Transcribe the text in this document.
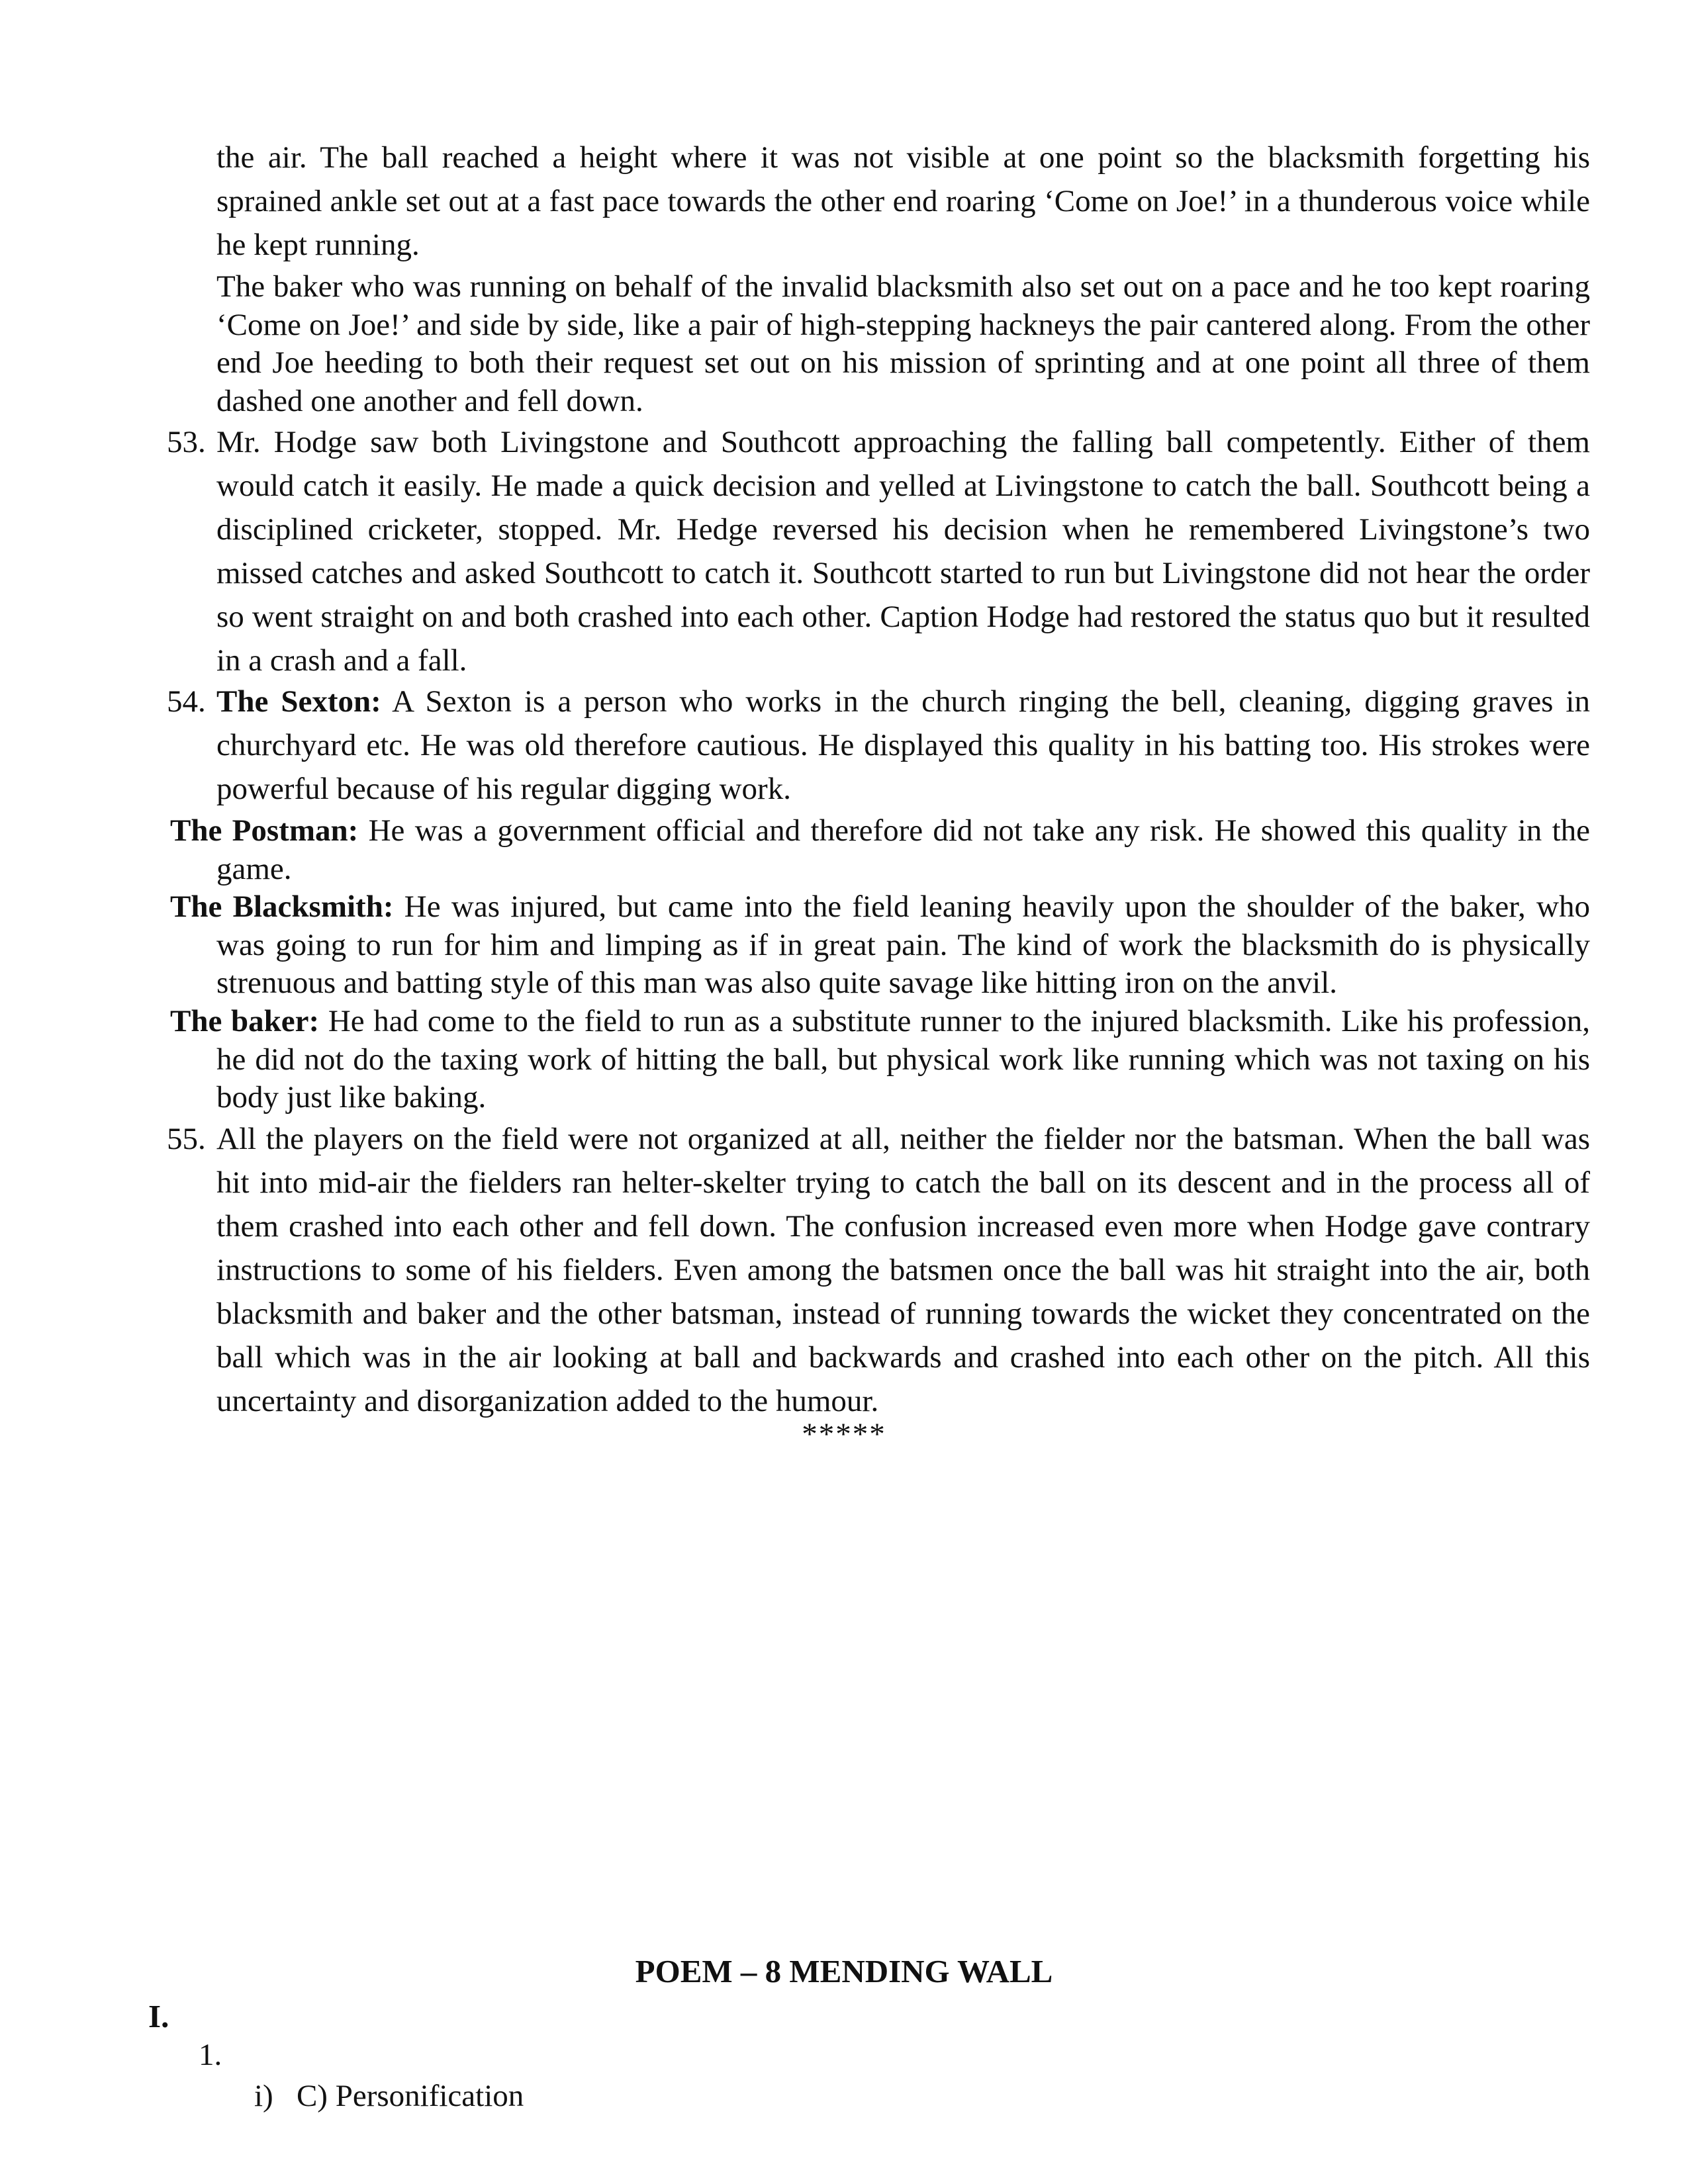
the air. The ball reached a height where it was not visible at one point so the blacksmith forgetting his sprained ankle set out at a fast pace towards the other end roaring ‘Come on Joe!’ in a thunderous voice while he kept running.
The baker who was running on behalf of the invalid blacksmith also set out on a pace and he too kept roaring ‘Come on Joe!’ and side by side, like a pair of high-stepping hackneys the pair cantered along. From the other end Joe heeding to both their request set out on his mission of sprinting and at one point all three of them dashed one another and fell down.
53. Mr. Hodge saw both Livingstone and Southcott approaching the falling ball competently. Either of them would catch it easily. He made a quick decision and yelled at Livingstone to catch the ball. Southcott being a disciplined cricketer, stopped. Mr. Hedge reversed his decision when he remembered Livingstone’s two missed catches and asked Southcott to catch it. Southcott started to run but Livingstone did not hear the order so went straight on and both crashed into each other. Caption Hodge had restored the status quo but it resulted in a crash and a fall.
54. The Sexton: A Sexton is a person who works in the church ringing the bell, cleaning, digging graves in churchyard etc. He was old therefore cautious. He displayed this quality in his batting too. His strokes were powerful because of his regular digging work.
The Postman: He was a government official and therefore did not take any risk. He showed this quality in the game.
The Blacksmith: He was injured, but came into the field leaning heavily upon the shoulder of the baker, who was going to run for him and limping as if in great pain. The kind of work the blacksmith do is physically strenuous and batting style of this man was also quite savage like hitting iron on the anvil.
The baker: He had come to the field to run as a substitute runner to the injured blacksmith. Like his profession, he did not do the taxing work of hitting the ball, but physical work like running which was not taxing on his body just like baking.
55. All the players on the field were not organized at all, neither the fielder nor the batsman. When the ball was hit into mid-air the fielders ran helter-skelter trying to catch the ball on its descent and in the process all of them crashed into each other and fell down. The confusion increased even more when Hodge gave contrary instructions to some of his fielders. Even among the batsmen once the ball was hit straight into the air, both blacksmith and baker and the other batsman, instead of running towards the wicket they concentrated on the ball which was in the air looking at ball and backwards and crashed into each other on the pitch. All this uncertainty and disorganization added to the humour.
*****
POEM – 8 MENDING WALL
I.
1.
i)   C) Personification
